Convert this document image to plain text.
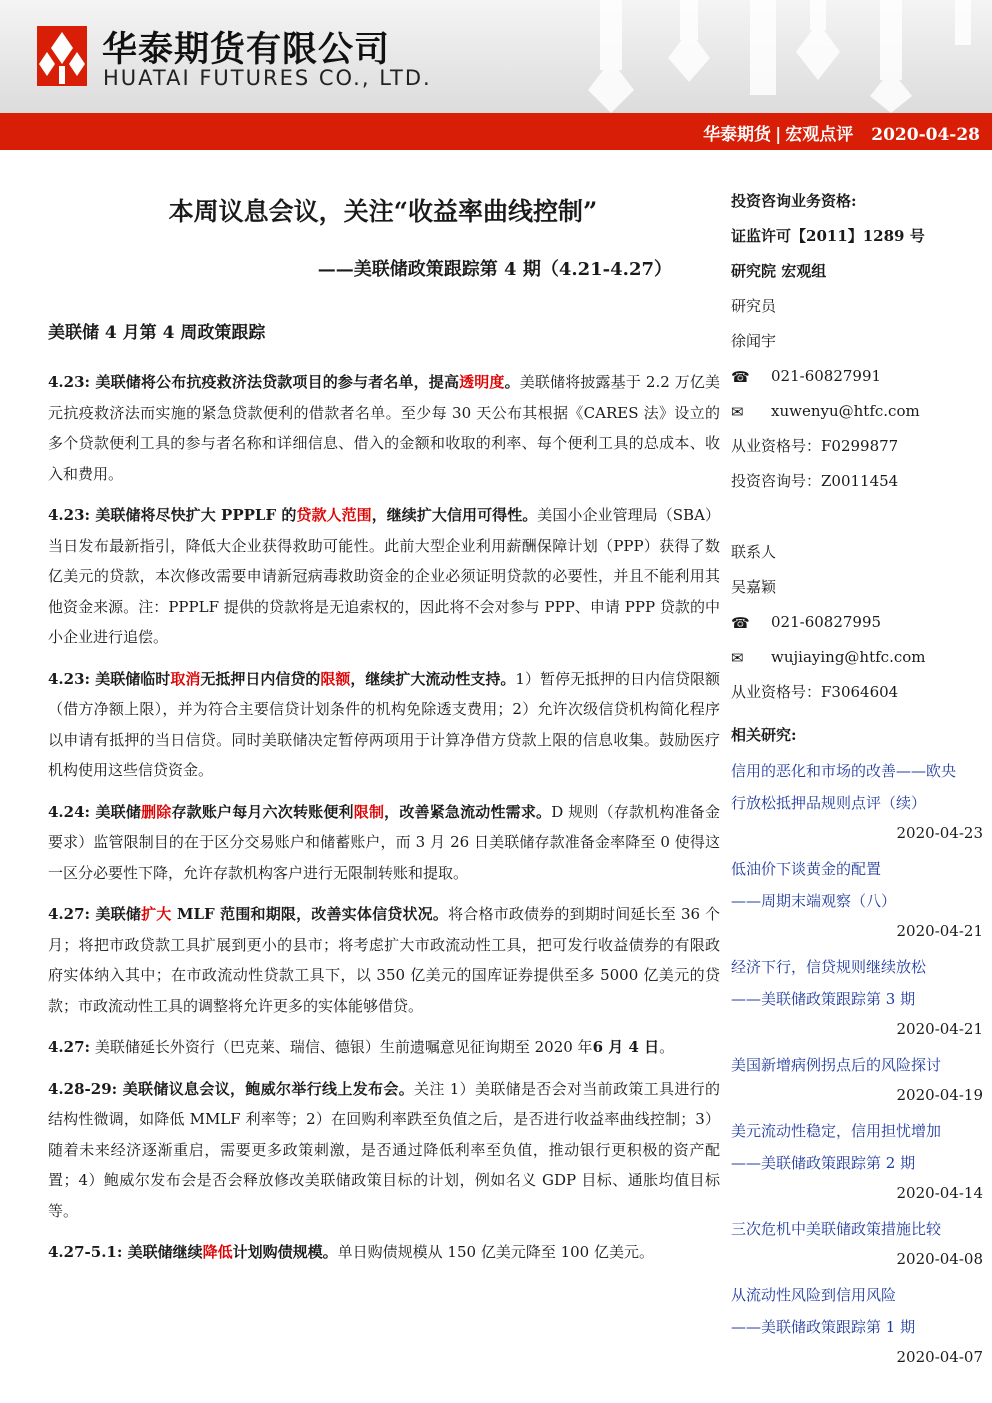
华泰期货有限公司
HUATAI FUTURES CO., LTD.
华泰期货 | 宏观点评 2020-04-28
本周议息会议，关注“收益率曲线控制”
——美联储政策跟踪第 4 期（4.21-4.27）
美联储 4 月第 4 周政策跟踪

4.23: 美联储将公布抗疫救济法贷款项目的参与者名单，提高透明度。美联储将披露基于 2.2 万亿美元抗疫救济法而实施的紧急贷款便利的借款者名单。至少每 30 天公布其根据《CARES 法》设立的多个贷款便利工具的参与者名称和详细信息、借入的金额和收取的利率、每个便利工具的总成本、收入和费用。

4.23: 美联储将尽快扩大 PPPLF 的贷款人范围，继续扩大信用可得性。美国小企业管理局（SBA）当日发布最新指引，降低大企业获得救助可能性。此前大型企业利用薪酬保障计划（PPP）获得了数亿美元的贷款，本次修改需要申请新冠病毒救助资金的企业必须证明贷款的必要性，并且不能利用其他资金来源。注：PPPLF 提供的贷款将是无追索权的，因此将不会对参与 PPP、申请 PPP 贷款的中小企业进行追偿。

4.23: 美联储临时取消无抵押日内信贷的限额，继续扩大流动性支持。1）暂停无抵押的日内信贷限额（借方净额上限），并为符合主要信贷计划条件的机构免除透支费用；2）允许次级信贷机构简化程序以申请有抵押的当日信贷。同时美联储决定暂停两项用于计算净借方贷款上限的信息收集。鼓励医疗机构使用这些信贷资金。

4.24: 美联储删除存款账户每月六次转账便利限制，改善紧急流动性需求。D 规则（存款机构准备金要求）监管限制目的在于区分交易账户和储蓄账户，而 3 月 26 日美联储存款准备金率降至 0 使得这一区分必要性下降，允许存款机构客户进行无限制转账和提取。

4.27: 美联储扩大 MLF 范围和期限，改善实体信贷状况。将合格市政债券的到期时间延长至 36 个月；将把市政贷款工具扩展到更小的县市；将考虑扩大市政流动性工具，把可发行收益债券的有限政府实体纳入其中；在市政流动性贷款工具下，以 350 亿美元的国库证券提供至多 5000 亿美元的贷款；市政流动性工具的调整将允许更多的实体能够借贷。

4.27: 美联储延长外资行（巴克莱、瑞信、德银）生前遗嘱意见征询期至 2020 年6 月 4 日。

4.28-29: 美联储议息会议，鲍威尔举行线上发布会。关注 1）美联储是否会对当前政策工具进行的结构性微调，如降低 MMLF 利率等；2）在回购利率跌至负值之后，是否进行收益率曲线控制；3）随着未来经济逐渐重启，需要更多政策刺激，是否通过降低利率至负值，推动银行更积极的资产配置；4）鲍威尔发布会是否会释放修改美联储政策目标的计划，例如名义 GDP 目标、通胀均值目标等。

4.27-5.1: 美联储继续降低计划购债规模。单日购债规模从 150 亿美元降至 100 亿美元。

投资咨询业务资格:
证监许可【2011】1289 号
研究院 宏观组
研究员
徐闻宇
☎ 021-60827991
✉ xuwenyu@htfc.com
从业资格号：F0299877
投资咨询号：Z0011454
联系人
吴嘉颖
☎ 021-60827995
✉ wujiaying@htfc.com
从业资格号：F3064604
相关研究:
信用的恶化和市场的改善——欧央
行放松抵押品规则点评（续）
2020-04-23
低油价下谈黄金的配置
——周期末端观察（八）
2020-04-21
经济下行，信贷规则继续放松
——美联储政策跟踪第 3 期
2020-04-21
美国新增病例拐点后的风险探讨
2020-04-19
美元流动性稳定，信用担忧增加
——美联储政策跟踪第 2 期
2020-04-14
三次危机中美联储政策措施比较
2020-04-08
从流动性风险到信用风险
——美联储政策跟踪第 1 期
2020-04-07
